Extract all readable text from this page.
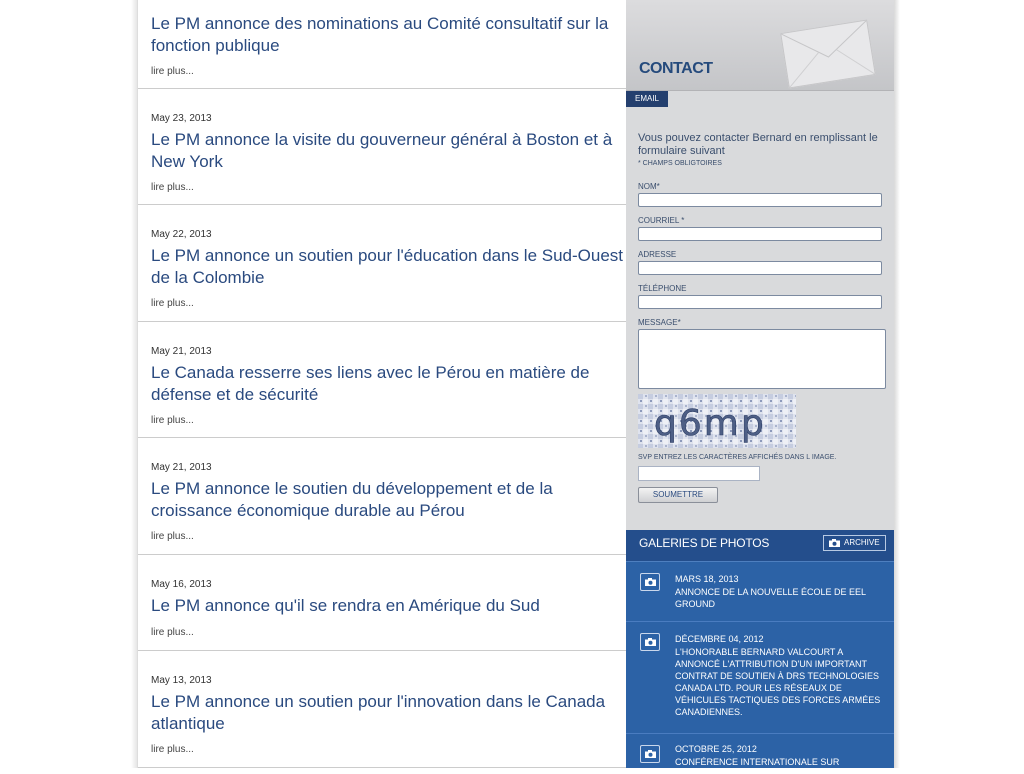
Le PM annonce des nominations au Comité consultatif sur la fonction publique
lire plus...
May 23, 2013
Le PM annonce la visite du gouverneur général à Boston et à New York
lire plus...
May 22, 2013
Le PM annonce un soutien pour l'éducation dans le Sud-Ouest de la Colombie
lire plus...
May 21, 2013
Le Canada resserre ses liens avec le Pérou en matière de défense et de sécurité
lire plus...
May 21, 2013
Le PM annonce le soutien du développement et de la croissance économique durable au Pérou
lire plus...
May 16, 2013
Le PM annonce qu'il se rendra en Amérique du Sud
lire plus...
May 13, 2013
Le PM annonce un soutien pour l'innovation dans le Canada atlantique
lire plus...
CONTACT
EMAIL
Vous pouvez contacter Bernard en remplissant le formulaire suivant
* CHAMPS OBLIGTOIRES
NOM*
COURRIEL *
ADRESSE
TÉLÉPHONE
MESSAGE*
q6mp
SVP ENTREZ LES CARACTÈRES AFFICHÉS DANS L IMAGE.
SOUMETTRE
GALERIES DE PHOTOS	ARCHIVE
MARS 18, 2013
ANNONCE DE LA NOUVELLE ÉCOLE DE EEL GROUND
DÉCEMBRE 04, 2012
L'HONORABLE BERNARD VALCOURT A ANNONCÉ L'ATTRIBUTION D'UN IMPORTANT CONTRAT DE SOUTIEN À DRS TECHNOLOGIES CANADA LTD. POUR LES RÉSEAUX DE VÉHICULES TACTIQUES DES FORCES ARMÉES CANADIENNES.
OCTOBRE 25, 2012
CONFÉRENCE INTERNATIONALE SUR
